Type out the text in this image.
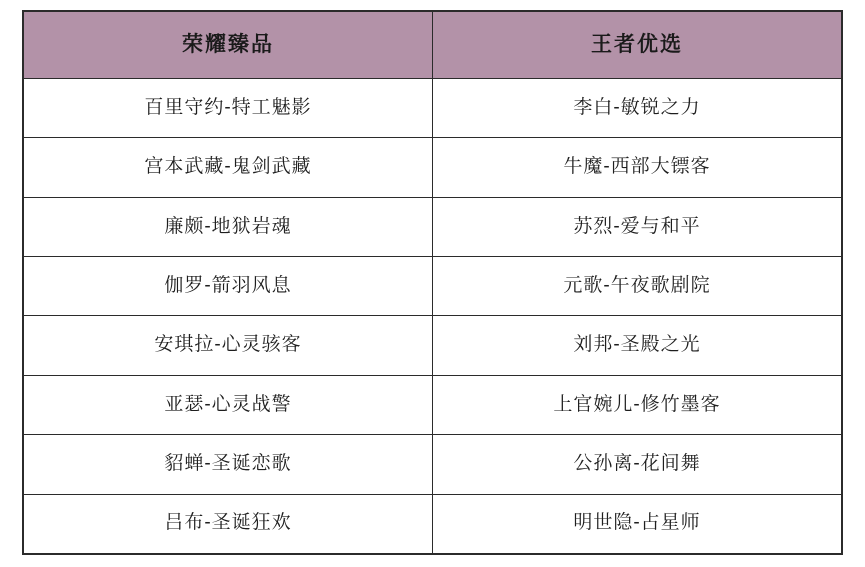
荣耀臻品	王者优选

百里守约-特工魅影	李白-敏锐之力

宫本武藏-鬼剑武藏	牛魔-西部大镖客

廉颇-地狱岩魂	苏烈-爱与和平

伽罗-箭羽风息	元歌-午夜歌剧院

安琪拉-心灵骇客	刘邦-圣殿之光

亚瑟-心灵战警	上官婉儿-修竹墨客

貂蝉-圣诞恋歌	公孙离-花间舞

吕布-圣诞狂欢	明世隐-占星师
